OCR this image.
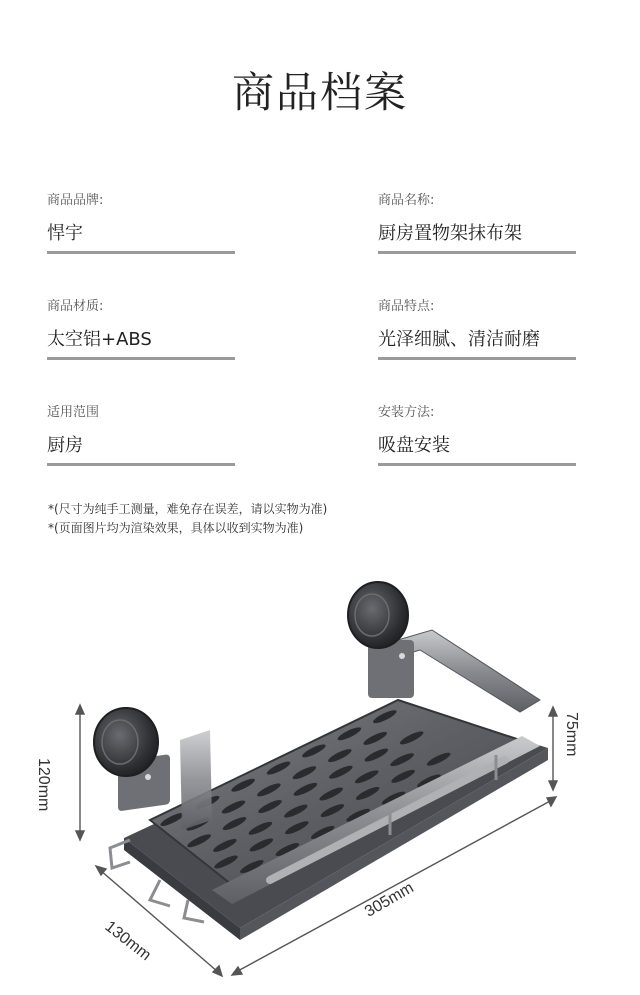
商品档案
商品品牌:
悍宇
商品名称:
厨房置物架抹布架
商品材质:
太空铝+ABS
商品特点:
光泽细腻、清洁耐磨
适用范围
厨房
安装方法:
吸盘安装
*(尺寸为纯手工测量，难免存在误差，请以实物为准)
*(页面图片均为渲染效果，具体以收到实物为准)
120mm
75mm
130mm
305mm
